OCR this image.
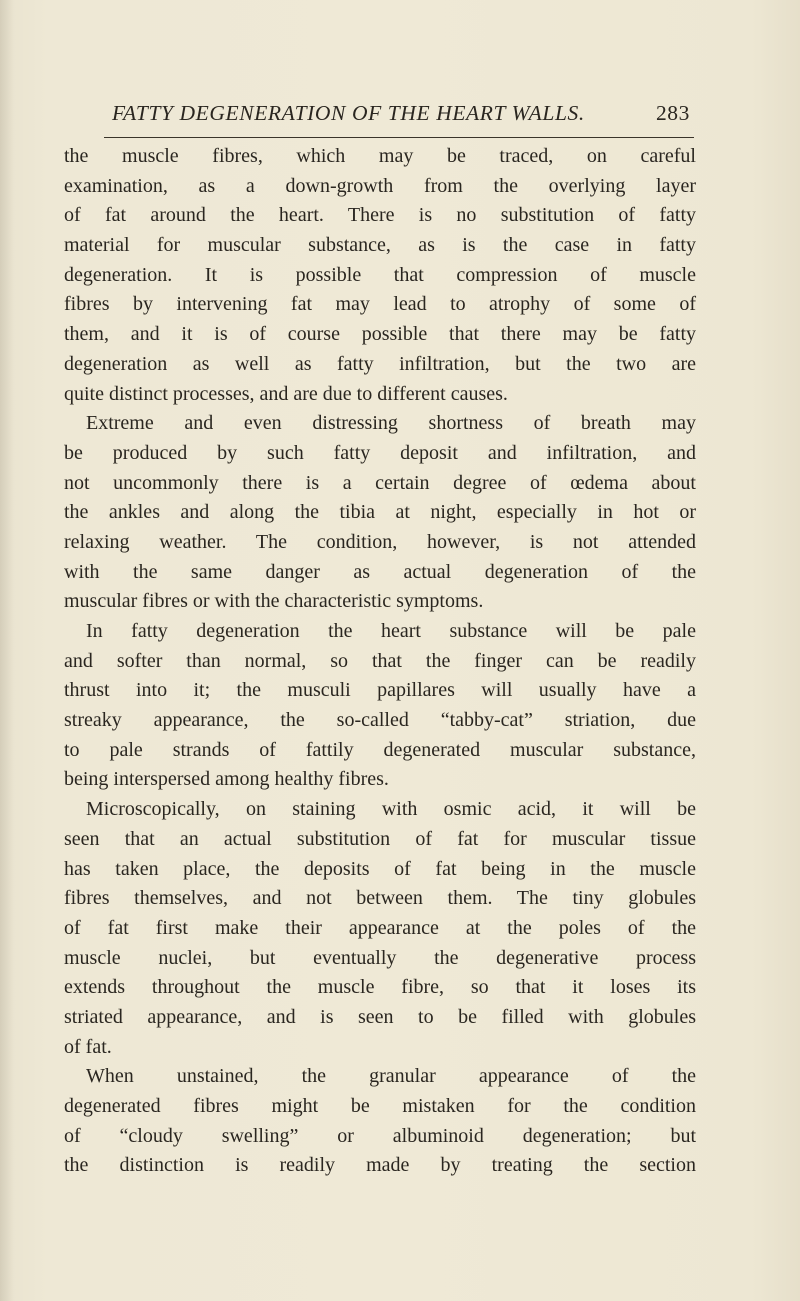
FATTY DEGENERATION OF THE HEART WALLS.	283
the muscle fibres, which may be traced, on careful
examination, as a down-growth from the overlying layer
of fat around the heart. There is no substitution of fatty
material for muscular substance, as is the case in fatty
degeneration. It is possible that compression of muscle
fibres by intervening fat may lead to atrophy of some of
them, and it is of course possible that there may be fatty
degeneration as well as fatty infiltration, but the two are
quite distinct processes, and are due to different causes.
Extreme and even distressing shortness of breath may
be produced by such fatty deposit and infiltration, and
not uncommonly there is a certain degree of œdema about
the ankles and along the tibia at night, especially in hot or
relaxing weather. The condition, however, is not attended
with the same danger as actual degeneration of the
muscular fibres or with the characteristic symptoms.
In fatty degeneration the heart substance will be pale
and softer than normal, so that the finger can be readily
thrust into it; the musculi papillares will usually have a
streaky appearance, the so-called “tabby-cat” striation, due
to pale strands of fattily degenerated muscular substance,
being interspersed among healthy fibres.
Microscopically, on staining with osmic acid, it will be
seen that an actual substitution of fat for muscular tissue
has taken place, the deposits of fat being in the muscle
fibres themselves, and not between them. The tiny globules
of fat first make their appearance at the poles of the
muscle nuclei, but eventually the degenerative process
extends throughout the muscle fibre, so that it loses its
striated appearance, and is seen to be filled with globules
of fat.
When unstained, the granular appearance of the
degenerated fibres might be mistaken for the condition
of “cloudy swelling” or albuminoid degeneration; but
the distinction is readily made by treating the section
